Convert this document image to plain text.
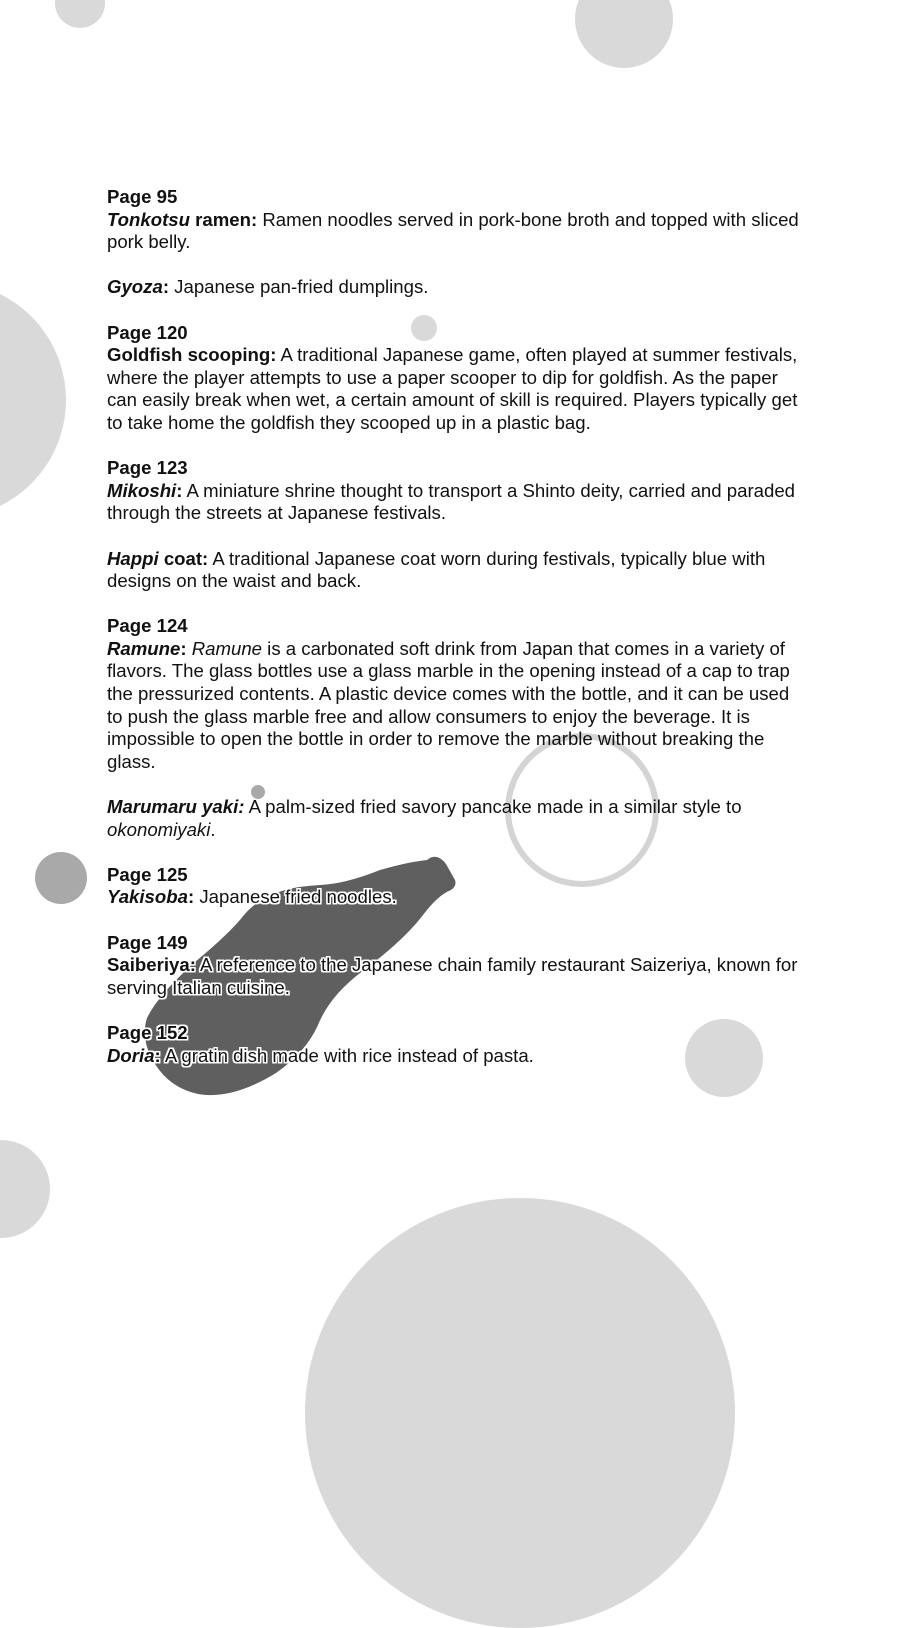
Page 95

Tonkotsu ramen: Ramen noodles served in pork-bone broth and topped with sliced pork belly.

Gyoza: Japanese pan-fried dumplings.

Page 120

Goldfish scooping: A traditional Japanese game, often played at summer festivals, where the player attempts to use a paper scooper to dip for goldfish. As the paper can easily break when wet, a certain amount of skill is required. Players typically get to take home the goldfish they scooped up in a plastic bag.

Page 123

Mikoshi: A miniature shrine thought to transport a Shinto deity, carried and paraded through the streets at Japanese festivals.

Happi coat: A traditional Japanese coat worn during festivals, typically blue with designs on the waist and back.

Page 124

Ramune: Ramune is a carbonated soft drink from Japan that comes in a variety of flavors. The glass bottles use a glass marble in the opening instead of a cap to trap the pressurized contents. A plastic device comes with the bottle, and it can be used to push the glass marble free and allow consumers to enjoy the beverage. It is impossible to open the bottle in order to remove the marble without breaking the glass.

Marumaru yaki: A palm-sized fried savory pancake made in a similar style to okonomiyaki.

Page 125

Yakisoba: Japanese fried noodles.

Page 149

Saiberiya: A reference to the Japanese chain family restaurant Saizeriya, known for serving Italian cuisine.

Page 152

Doria: A gratin dish made with rice instead of pasta.
